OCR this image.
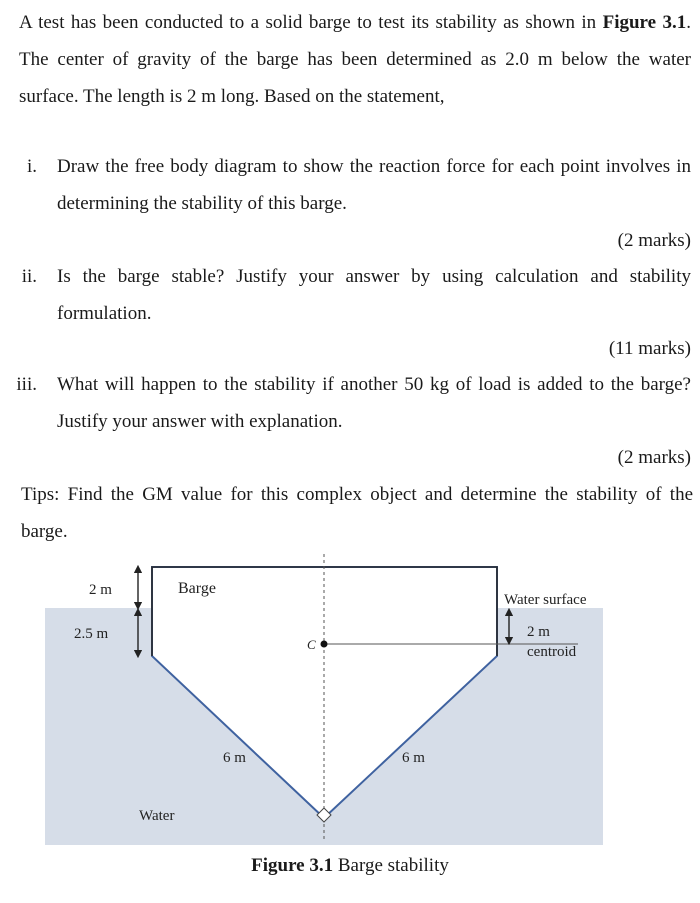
A test has been conducted to a solid barge to test its stability as shown in Figure 3.1. The center of gravity of the barge has been determined as 2.0 m below the water surface. The length is 2 m long. Based on the statement,
i. Draw the free body diagram to show the reaction force for each point involves in determining the stability of this barge.
(2 marks)
ii. Is the barge stable? Justify your answer by using calculation and stability formulation.
(11 marks)
iii. What will happen to the stability if another 50 kg of load is added to the barge? Justify your answer with explanation.
(2 marks)
Tips: Find the GM value for this complex object and determine the stability of the barge.
C
2 m
2.5 m
Barge
Water surface
2 m
centroid
6 m	6 m
Water
Figure 3.1 Barge stability
